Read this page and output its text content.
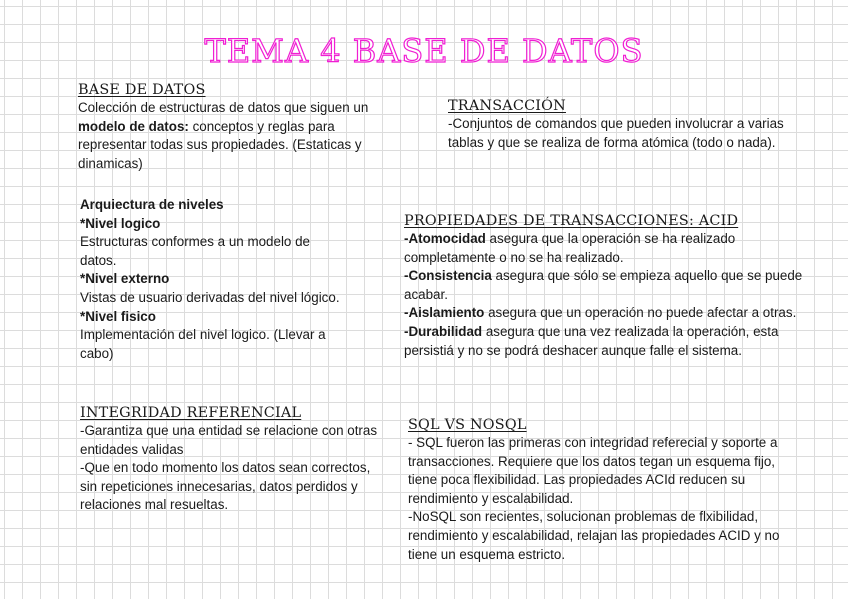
TEMA 4 BASE DE DATOS
BASE DE DATOS

Colección de estructuras de datos que siguen un modelo de datos: conceptos y reglas para representar todas sus propiedades. (Estaticas y dinamicas)

TRANSACCIÓN

-Conjuntos de comandos que pueden involucrar a varias tablas y que se realiza de forma atómica (todo o nada).

Arquiectura de niveles

*Nivel logico

Estructuras conformes a un modelo de datos.

*Nivel externo

Vistas de usuario derivadas del nivel lógico.

*Nivel fisico

Implementación del nivel logico. (Llevar a cabo)

PROPIEDADES DE TRANSACCIONES: ACID

-Atomocidad asegura que la operación se ha realizado completamente o no se ha realizado.

-Consistencia asegura que sólo se empieza aquello que se puede acabar.

-Aislamiento asegura que un operación no puede afectar a otras.

-Durabilidad asegura que una vez realizada la operación, esta persistiá y no se podrá deshacer aunque falle el sistema.

INTEGRIDAD REFERENCIAL

-Garantiza que una entidad se relacione con otras entidades validas

-Que en todo momento los datos sean correctos, sin repeticiones innecesarias, datos perdidos y relaciones mal resueltas.

SQL VS NOSQL

- SQL fueron las primeras con integridad referecial y soporte a transacciones. Requiere que los datos tegan un esquema fijo, tiene poca flexibilidad. Las propiedades ACId reducen su rendimiento y escalabilidad.

-NoSQL son recientes, solucionan problemas de flxibilidad, rendimiento y escalabilidad, relajan las propiedades ACID y no tiene un esquema estricto.
